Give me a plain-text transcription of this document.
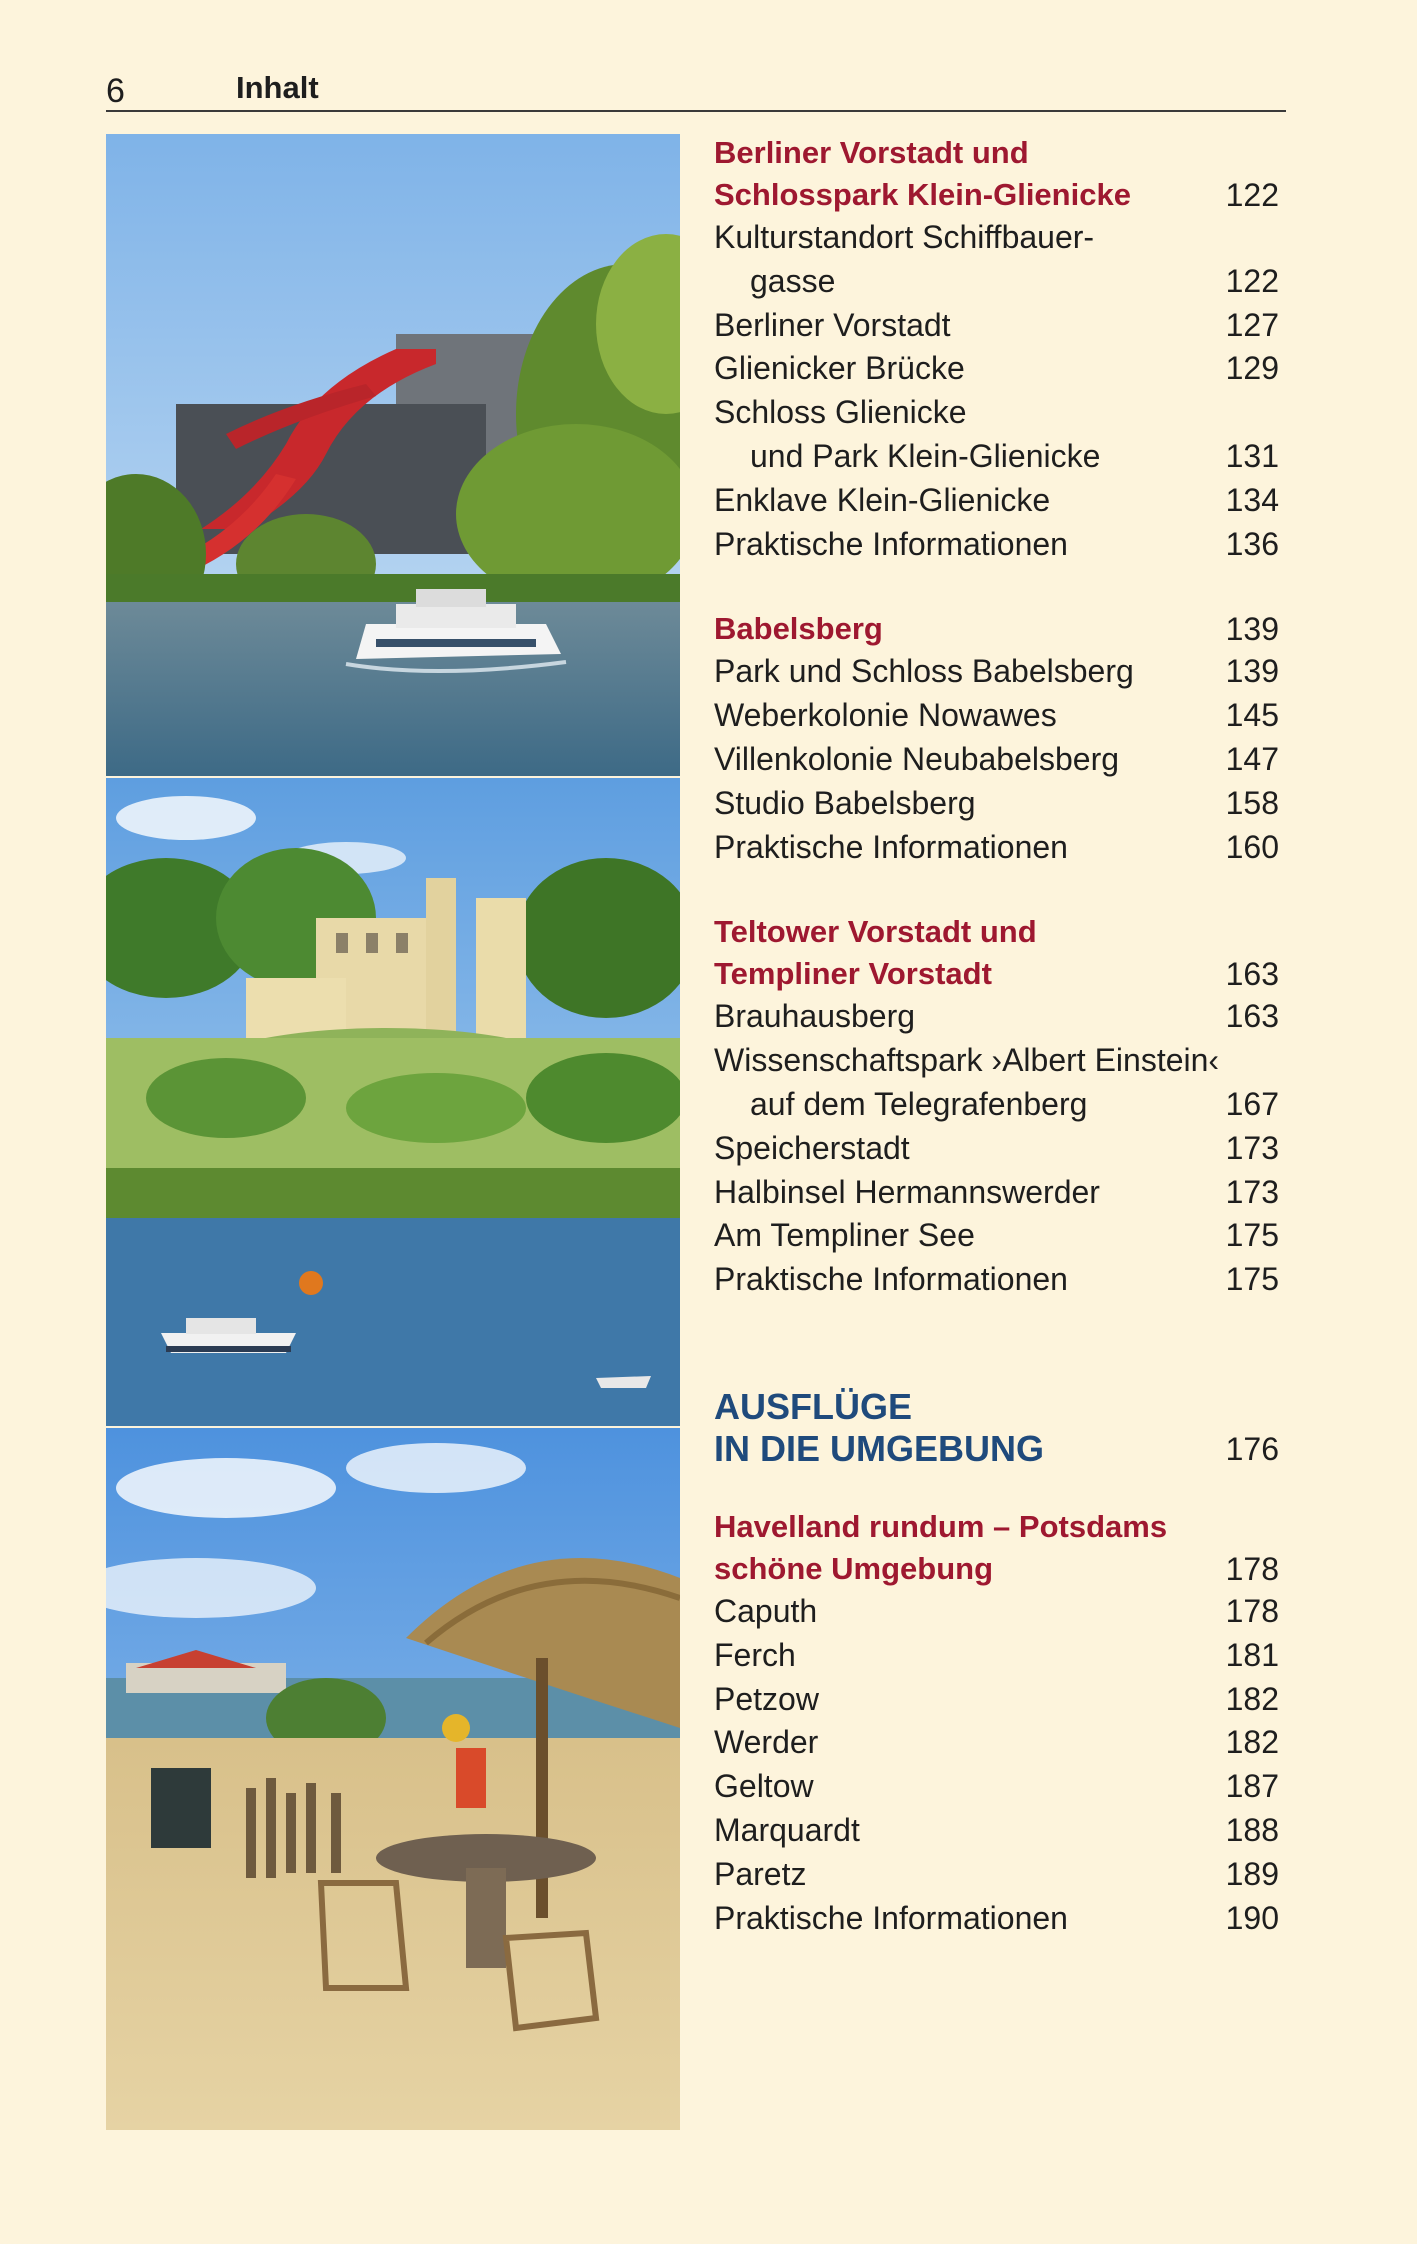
6	Inhalt
Berliner Vorstadt und
Schlosspark Klein-Glienicke	122
Kulturstandort Schiffbauer-
gasse	122
Berliner Vorstadt	127
Glienicker Brücke	129
Schloss Glienicke
und Park Klein-Glienicke	131
Enklave Klein-Glienicke	134
Praktische Informationen	136
Babelsberg	139
Park und Schloss Babelsberg	139
Weberkolonie Nowawes	145
Villenkolonie Neubabelsberg	147
Studio Babelsberg	158
Praktische Informationen	160
Teltower Vorstadt und
Templiner Vorstadt	163
Brauhausberg	163
Wissenschaftspark ›Albert Einstein‹
auf dem Telegrafenberg	167
Speicherstadt	173
Halbinsel Hermannswerder	173
Am Templiner See	175
Praktische Informationen	175
AUSFLÜGE
IN DIE UMGEBUNG	176
Havelland rundum – Potsdams
schöne Umgebung	178
Caputh	178
Ferch	181
Petzow	182
Werder	182
Geltow	187
Marquardt	188
Paretz	189
Praktische Informationen	190
